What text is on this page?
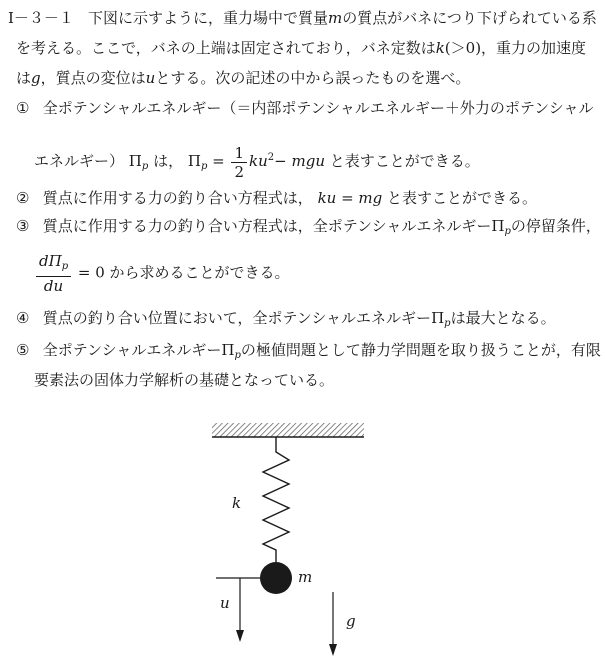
Ⅰ－３－１ 下図に示すように，重力場中で質量mの質点がバネにつり下げられている系
を考える。ここで，バネの上端は固定されており，バネ定数はk(＞0)，重力の加速度
はg，質点の変位はuとする。次の記述の中から誤ったものを選べ。
① 全ポテンシャルエネルギー（＝内部ポテンシャルエネルギー＋外力のポテンシャル
エネルギー） $\Pi_p$ は， $\Pi_p = \frac{1}{2} ku^2-$ mgu と表すことができる。
② 質点に作用する力の釣り合い方程式は， ku = mg と表すことができる。
③ 質点に作用する力の釣り合い方程式は，全ポテンシャルエネルギー$\Pi_p$の停留条件，
$\frac{d\Pi_p}{du} = 0$ から求めることができる。
④ 質点の釣り合い位置において，全ポテンシャルエネルギー$\Pi_p$は最大となる。
⑤ 全ポテンシャルエネルギー$\Pi_p$の極値問題として静力学問題を取り扱うことが，有限
要素法の固体力学解析の基礎となっている。
k
m
u
g
